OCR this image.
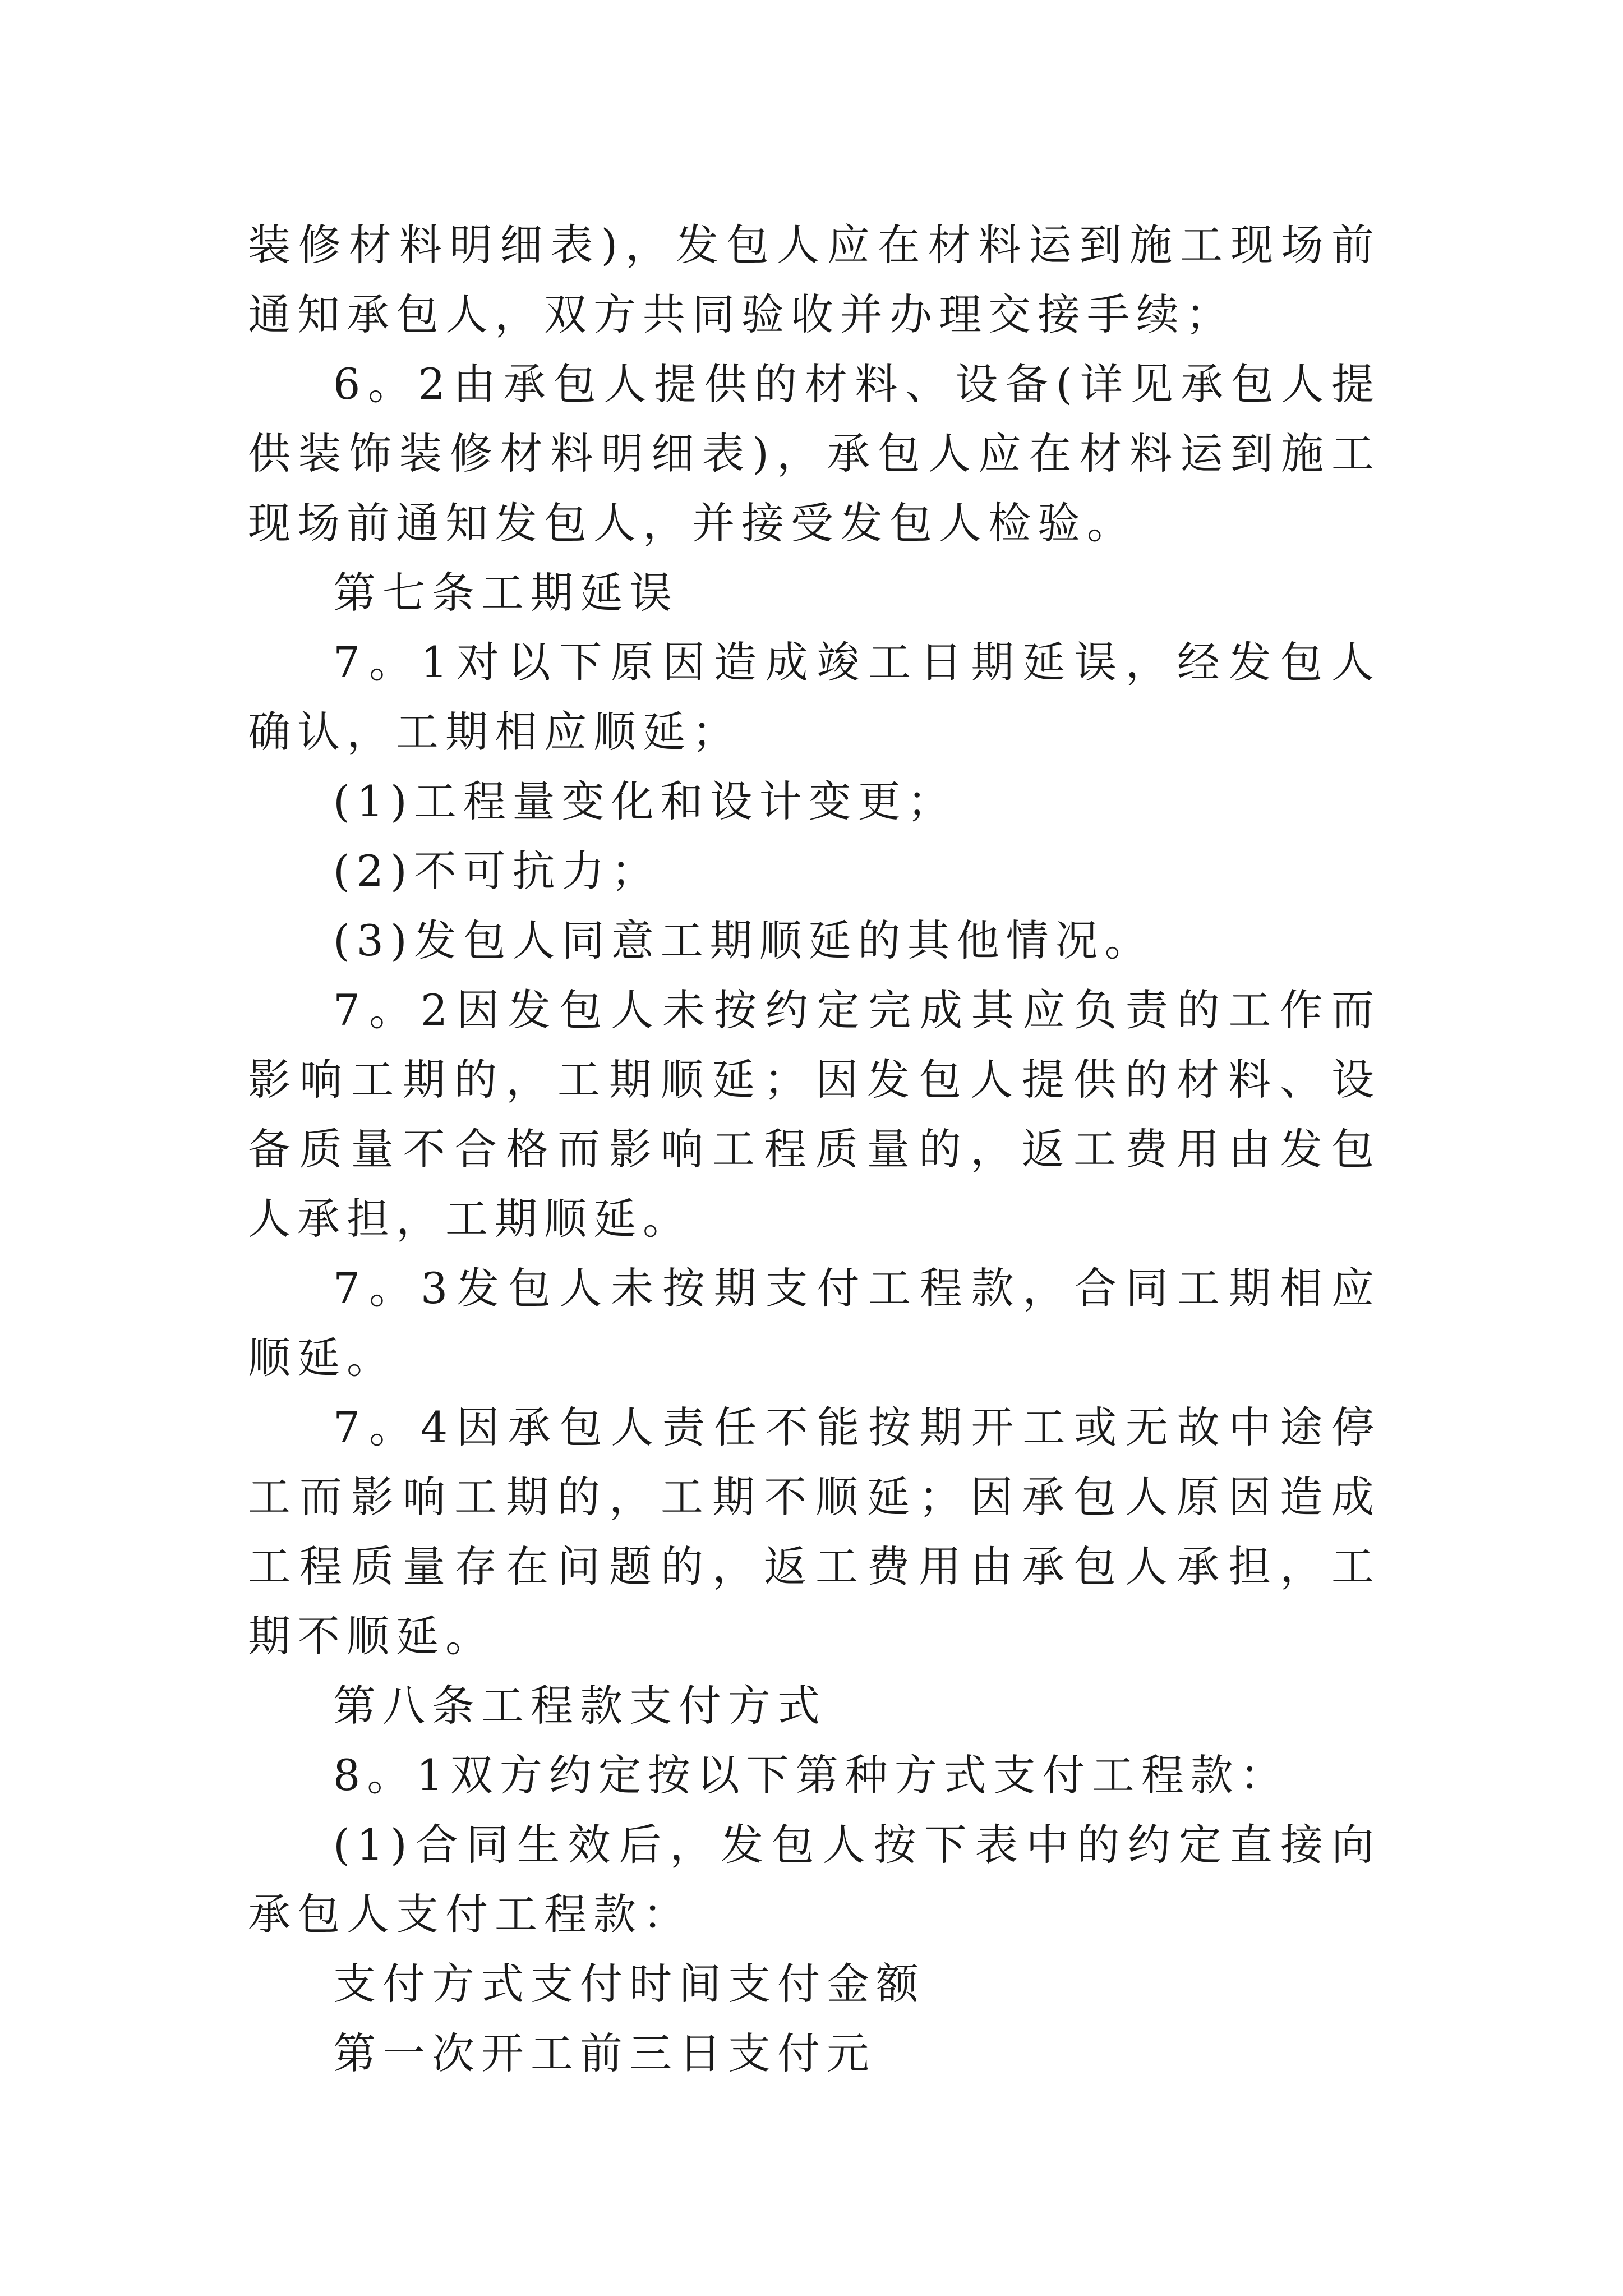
装修材料明细表)，发包人应在材料运到施工现场前通知承包人，双方共同验收并办理交接手续；

6。2由承包人提供的材料、设备(详见承包人提供装饰装修材料明细表)，承包人应在材料运到施工现场前通知发包人，并接受发包人检验。

第七条工期延误

7。1对以下原因造成竣工日期延误，经发包人确认，工期相应顺延；

(1)工程量变化和设计变更；

(2)不可抗力；

(3)发包人同意工期顺延的其他情况。

7。2因发包人未按约定完成其应负责的工作而影响工期的，工期顺延；因发包人提供的材料、设备质量不合格而影响工程质量的，返工费用由发包人承担，工期顺延。

7。3发包人未按期支付工程款，合同工期相应顺延。

7。4因承包人责任不能按期开工或无故中途停工而影响工期的，工期不顺延；因承包人原因造成工程质量存在问题的，返工费用由承包人承担，工期不顺延。

第八条工程款支付方式

8。1双方约定按以下第种方式支付工程款：

(1)合同生效后，发包人按下表中的约定直接向承包人支付工程款：

支付方式支付时间支付金额

第一次开工前三日支付元
